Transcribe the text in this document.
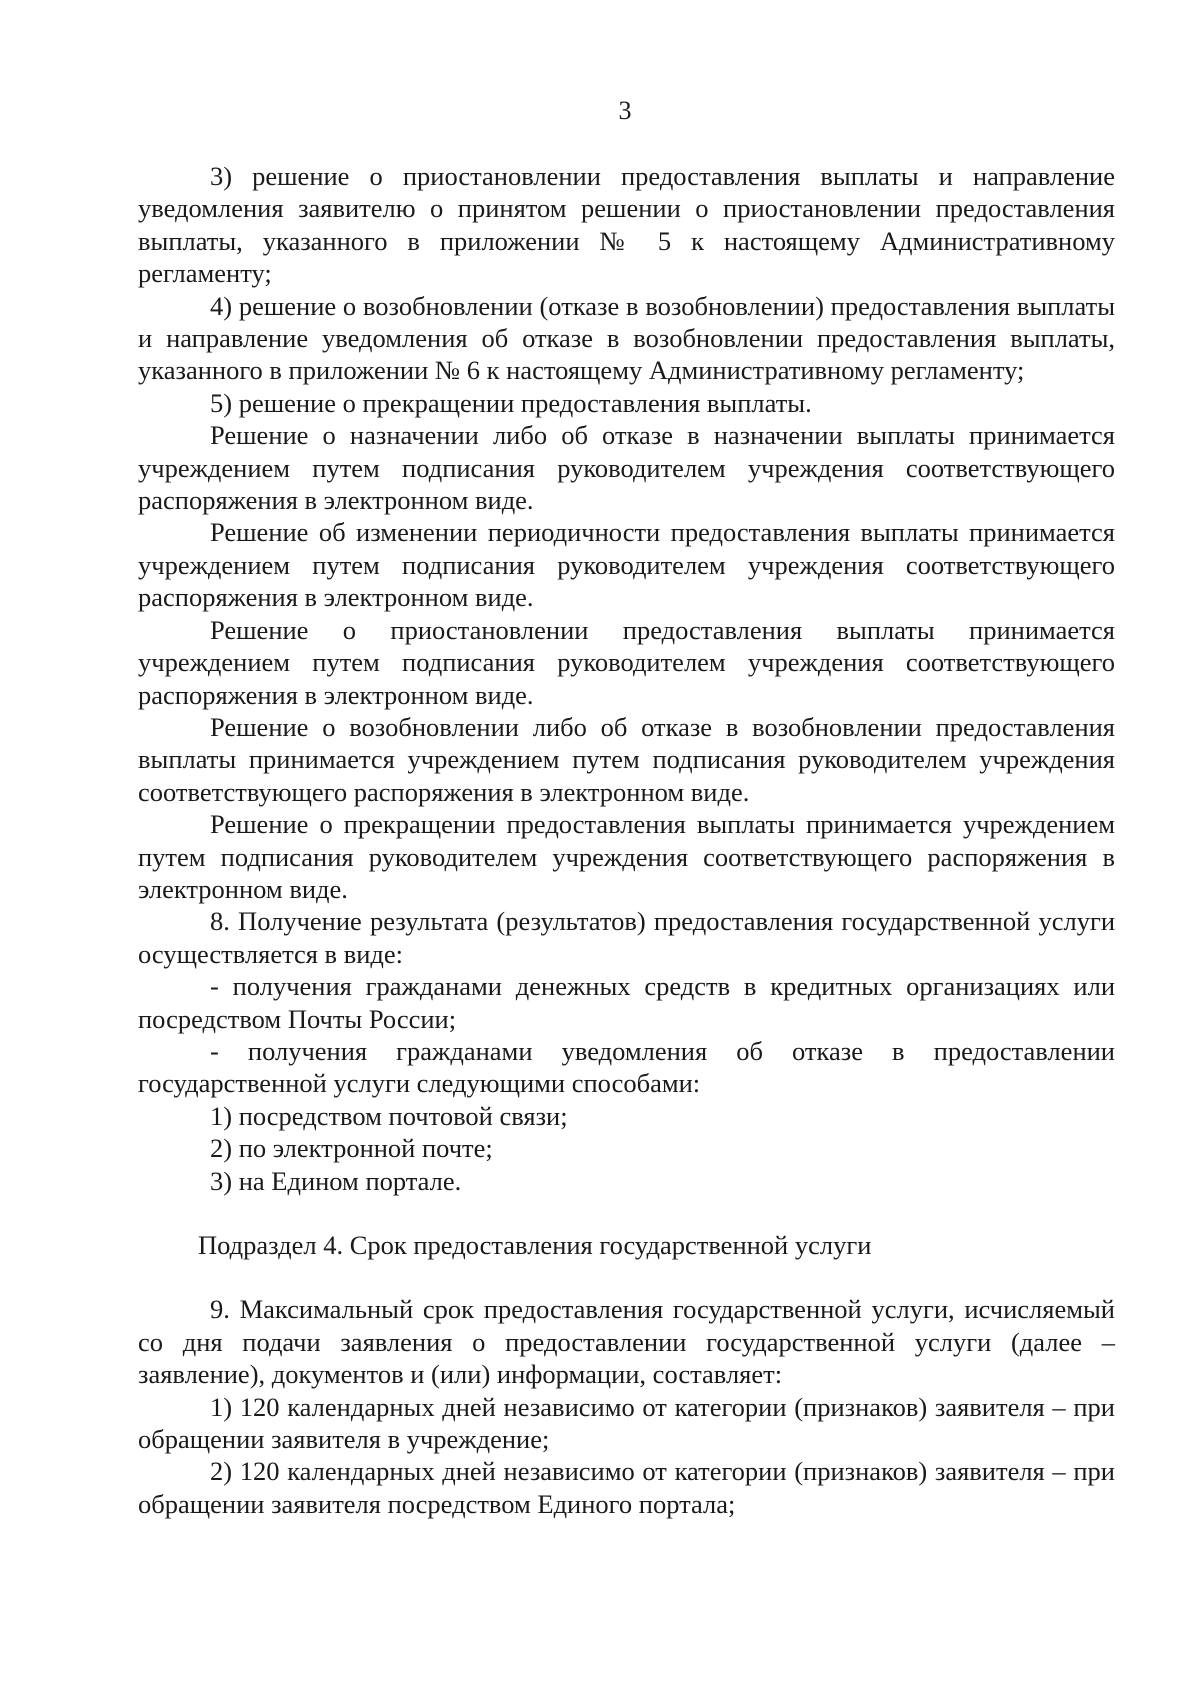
3

3) решение о приостановлении предоставления выплаты и направление уведомления заявителю о принятом решении о приостановлении предоставления выплаты, указанного в приложении № 5 к настоящему Административному регламенту;

4) решение о возобновлении (отказе в возобновлении) предоставления выплаты и направление уведомления об отказе в возобновлении предоставления выплаты, указанного в приложении № 6 к настоящему Административному регламенту;

5) решение о прекращении предоставления выплаты.

Решение о назначении либо об отказе в назначении выплаты принимается учреждением путем подписания руководителем учреждения соответствующего распоряжения в электронном виде.

Решение об изменении периодичности предоставления выплаты принимается учреждением путем подписания руководителем учреждения соответствующего распоряжения в электронном виде.

Решение о приостановлении предоставления выплаты принимается учреждением путем подписания руководителем учреждения соответствующего распоряжения в электронном виде.

Решение о возобновлении либо об отказе в возобновлении предоставления выплаты принимается учреждением путем подписания руководителем учреждения соответствующего распоряжения в электронном виде.

Решение о прекращении предоставления выплаты принимается учреждением путем подписания руководителем учреждения соответствующего распоряжения в электронном виде.

8. Получение результата (результатов) предоставления государственной услуги осуществляется в виде:

- получения гражданами денежных средств в кредитных организациях или посредством Почты России;

- получения гражданами уведомления об отказе в предоставлении государственной услуги следующими способами:

1) посредством почтовой связи;

2) по электронной почте;

3) на Едином портале.

Подраздел 4. Срок предоставления государственной услуги

9. Максимальный срок предоставления государственной услуги, исчисляемый со дня подачи заявления о предоставлении государственной услуги (далее – заявление), документов и (или) информации, составляет:

1) 120 календарных дней независимо от категории (признаков) заявителя – при обращении заявителя в учреждение;

2) 120 календарных дней независимо от категории (признаков) заявителя – при обращении заявителя посредством Единого портала;
